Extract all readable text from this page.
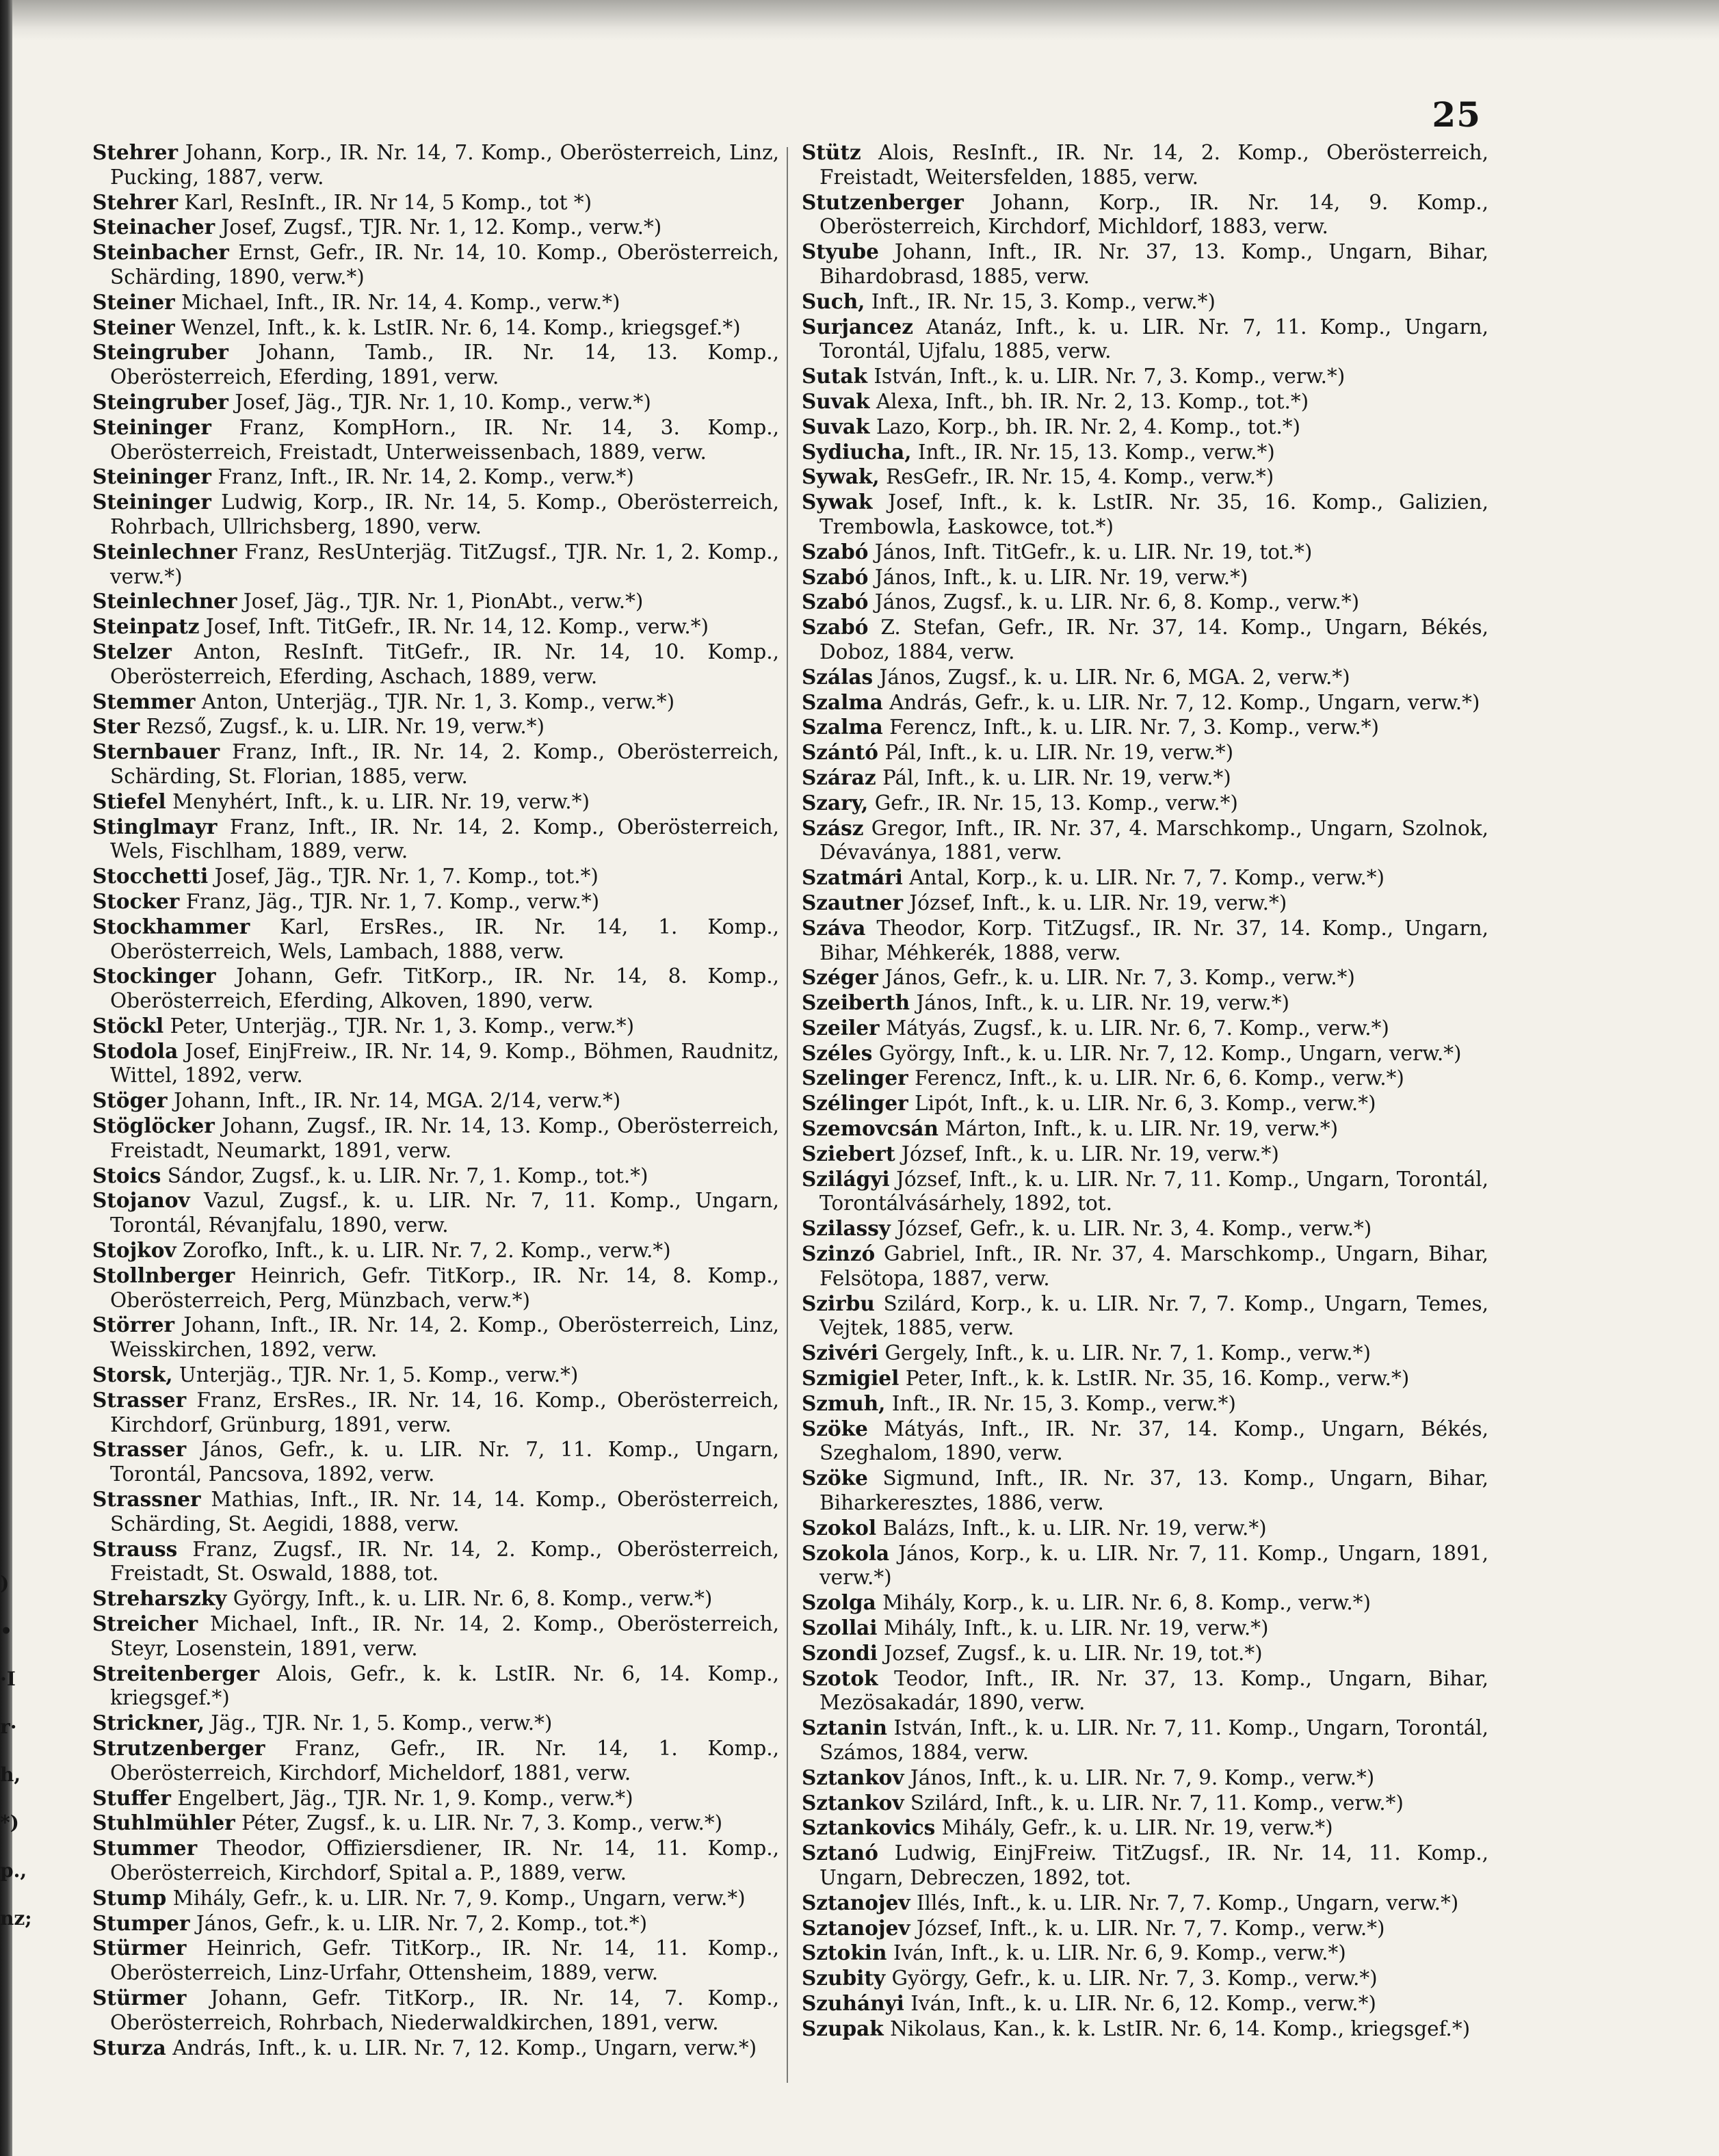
)
•
·I
r·
h,
*)
p.,
nz;
25
Stehrer Johann, Korp., IR. Nr. 14, 7. Komp., Oberösterreich, Linz, Pucking, 1887, verw.
Stehrer Karl, ResInft., IR. Nr 14, 5 Komp., tot *)
Steinacher Josef, Zugsf., TJR. Nr. 1, 12. Komp., verw.*)
Steinbacher Ernst, Gefr., IR. Nr. 14, 10. Komp., Oberösterreich, Schärding, 1890, verw.*)
Steiner Michael, Inft., IR. Nr. 14, 4. Komp., verw.*)
Steiner Wenzel, Inft., k. k. LstIR. Nr. 6, 14. Komp., kriegsgef.*)
Steingruber Johann, Tamb., IR. Nr. 14, 13. Komp., Oberösterreich, Eferding, 1891, verw.
Steingruber Josef, Jäg., TJR. Nr. 1, 10. Komp., verw.*)
Steininger Franz, KompHorn., IR. Nr. 14, 3. Komp., Oberösterreich, Freistadt, Unterweissenbach, 1889, verw.
Steininger Franz, Inft., IR. Nr. 14, 2. Komp., verw.*)
Steininger Ludwig, Korp., IR. Nr. 14, 5. Komp., Oberösterreich, Rohrbach, Ullrichsberg, 1890, verw.
Steinlechner Franz, ResUnterjäg. TitZugsf., TJR. Nr. 1, 2. Komp., verw.*)
Steinlechner Josef, Jäg., TJR. Nr. 1, PionAbt., verw.*)
Steinpatz Josef, Inft. TitGefr., IR. Nr. 14, 12. Komp., verw.*)
Stelzer Anton, ResInft. TitGefr., IR. Nr. 14, 10. Komp., Oberösterreich, Eferding, Aschach, 1889, verw.
Stemmer Anton, Unterjäg., TJR. Nr. 1, 3. Komp., verw.*)
Ster Rezső, Zugsf., k. u. LIR. Nr. 19, verw.*)
Sternbauer Franz, Inft., IR. Nr. 14, 2. Komp., Oberösterreich, Schärding, St. Florian, 1885, verw.
Stiefel Menyhért, Inft., k. u. LIR. Nr. 19, verw.*)
Stinglmayr Franz, Inft., IR. Nr. 14, 2. Komp., Oberösterreich, Wels, Fischlham, 1889, verw.
Stocchetti Josef, Jäg., TJR. Nr. 1, 7. Komp., tot.*)
Stocker Franz, Jäg., TJR. Nr. 1, 7. Komp., verw.*)
Stockhammer Karl, ErsRes., IR. Nr. 14, 1. Komp., Oberösterreich, Wels, Lambach, 1888, verw.
Stockinger Johann, Gefr. TitKorp., IR. Nr. 14, 8. Komp., Oberösterreich, Eferding, Alkoven, 1890, verw.
Stöckl Peter, Unterjäg., TJR. Nr. 1, 3. Komp., verw.*)
Stodola Josef, EinjFreiw., IR. Nr. 14, 9. Komp., Böhmen, Raudnitz, Wittel, 1892, verw.
Stöger Johann, Inft., IR. Nr. 14, MGA. 2/14, verw.*)
Stöglöcker Johann, Zugsf., IR. Nr. 14, 13. Komp., Oberösterreich, Freistadt, Neumarkt, 1891, verw.
Stoics Sándor, Zugsf., k. u. LIR. Nr. 7, 1. Komp., tot.*)
Stojanov Vazul, Zugsf., k. u. LIR. Nr. 7, 11. Komp., Ungarn, Torontál, Révanjfalu, 1890, verw.
Stojkov Zorofko, Inft., k. u. LIR. Nr. 7, 2. Komp., verw.*)
Stollnberger Heinrich, Gefr. TitKorp., IR. Nr. 14, 8. Komp., Oberösterreich, Perg, Münzbach, verw.*)
Störrer Johann, Inft., IR. Nr. 14, 2. Komp., Oberösterreich, Linz, Weisskirchen, 1892, verw.
Storsk, Unterjäg., TJR. Nr. 1, 5. Komp., verw.*)
Strasser Franz, ErsRes., IR. Nr. 14, 16. Komp., Oberösterreich, Kirchdorf, Grünburg, 1891, verw.
Strasser János, Gefr., k. u. LIR. Nr. 7, 11. Komp., Ungarn, Torontál, Pancsova, 1892, verw.
Strassner Mathias, Inft., IR. Nr. 14, 14. Komp., Oberösterreich, Schärding, St. Aegidi, 1888, verw.
Strauss Franz, Zugsf., IR. Nr. 14, 2. Komp., Oberösterreich, Freistadt, St. Oswald, 1888, tot.
Streharszky György, Inft., k. u. LIR. Nr. 6, 8. Komp., verw.*)
Streicher Michael, Inft., IR. Nr. 14, 2. Komp., Oberösterreich, Steyr, Losenstein, 1891, verw.
Streitenberger Alois, Gefr., k. k. LstIR. Nr. 6, 14. Komp., kriegsgef.*)
Strickner, Jäg., TJR. Nr. 1, 5. Komp., verw.*)
Strutzenberger Franz, Gefr., IR. Nr. 14, 1. Komp., Oberösterreich, Kirchdorf, Micheldorf, 1881, verw.
Stuffer Engelbert, Jäg., TJR. Nr. 1, 9. Komp., verw.*)
Stuhlmühler Péter, Zugsf., k. u. LIR. Nr. 7, 3. Komp., verw.*)
Stummer Theodor, Offiziersdiener, IR. Nr. 14, 11. Komp., Oberösterreich, Kirchdorf, Spital a. P., 1889, verw.
Stump Mihály, Gefr., k. u. LIR. Nr. 7, 9. Komp., Ungarn, verw.*)
Stumper János, Gefr., k. u. LIR. Nr. 7, 2. Komp., tot.*)
Stürmer Heinrich, Gefr. TitKorp., IR. Nr. 14, 11. Komp., Oberösterreich, Linz-Urfahr, Ottensheim, 1889, verw.
Stürmer Johann, Gefr. TitKorp., IR. Nr. 14, 7. Komp., Oberösterreich, Rohrbach, Niederwaldkirchen, 1891, verw.
Sturza András, Inft., k. u. LIR. Nr. 7, 12. Komp., Ungarn, verw.*)
Stütz Alois, ResInft., IR. Nr. 14, 2. Komp., Oberösterreich, Freistadt, Weitersfelden, 1885, verw.
Stutzenberger Johann, Korp., IR. Nr. 14, 9. Komp., Oberösterreich, Kirchdorf, Michldorf, 1883, verw.
Styube Johann, Inft., IR. Nr. 37, 13. Komp., Ungarn, Bihar, Bihardobrasd, 1885, verw.
Such, Inft., IR. Nr. 15, 3. Komp., verw.*)
Surjancez Atanáz, Inft., k. u. LIR. Nr. 7, 11. Komp., Ungarn, Torontál, Ujfalu, 1885, verw.
Sutak István, Inft., k. u. LIR. Nr. 7, 3. Komp., verw.*)
Suvak Alexa, Inft., bh. IR. Nr. 2, 13. Komp., tot.*)
Suvak Lazo, Korp., bh. IR. Nr. 2, 4. Komp., tot.*)
Sydiucha, Inft., IR. Nr. 15, 13. Komp., verw.*)
Sywak, ResGefr., IR. Nr. 15, 4. Komp., verw.*)
Sywak Josef, Inft., k. k. LstIR. Nr. 35, 16. Komp., Galizien, Trembowla, Łaskowce, tot.*)
Szabó János, Inft. TitGefr., k. u. LIR. Nr. 19, tot.*)
Szabó János, Inft., k. u. LIR. Nr. 19, verw.*)
Szabó János, Zugsf., k. u. LIR. Nr. 6, 8. Komp., verw.*)
Szabó Z. Stefan, Gefr., IR. Nr. 37, 14. Komp., Ungarn, Békés, Doboz, 1884, verw.
Szálas János, Zugsf., k. u. LIR. Nr. 6, MGA. 2, verw.*)
Szalma András, Gefr., k. u. LIR. Nr. 7, 12. Komp., Ungarn, verw.*)
Szalma Ferencz, Inft., k. u. LIR. Nr. 7, 3. Komp., verw.*)
Szántó Pál, Inft., k. u. LIR. Nr. 19, verw.*)
Száraz Pál, Inft., k. u. LIR. Nr. 19, verw.*)
Szary, Gefr., IR. Nr. 15, 13. Komp., verw.*)
Szász Gregor, Inft., IR. Nr. 37, 4. Marschkomp., Ungarn, Szolnok, Dévaványa, 1881, verw.
Szatmári Antal, Korp., k. u. LIR. Nr. 7, 7. Komp., verw.*)
Szautner József, Inft., k. u. LIR. Nr. 19, verw.*)
Száva Theodor, Korp. TitZugsf., IR. Nr. 37, 14. Komp., Ungarn, Bihar, Méhkerék, 1888, verw.
Széger János, Gefr., k. u. LIR. Nr. 7, 3. Komp., verw.*)
Szeiberth János, Inft., k. u. LIR. Nr. 19, verw.*)
Szeiler Mátyás, Zugsf., k. u. LIR. Nr. 6, 7. Komp., verw.*)
Széles György, Inft., k. u. LIR. Nr. 7, 12. Komp., Ungarn, verw.*)
Szelinger Ferencz, Inft., k. u. LIR. Nr. 6, 6. Komp., verw.*)
Szélinger Lipót, Inft., k. u. LIR. Nr. 6, 3. Komp., verw.*)
Szemovcsán Márton, Inft., k. u. LIR. Nr. 19, verw.*)
Sziebert József, Inft., k. u. LIR. Nr. 19, verw.*)
Szilágyi József, Inft., k. u. LIR. Nr. 7, 11. Komp., Ungarn, Torontál, Torontálvásárhely, 1892, tot.
Szilassy József, Gefr., k. u. LIR. Nr. 3, 4. Komp., verw.*)
Szinzó Gabriel, Inft., IR. Nr. 37, 4. Marschkomp., Ungarn, Bihar, Felsötopa, 1887, verw.
Szirbu Szilárd, Korp., k. u. LIR. Nr. 7, 7. Komp., Ungarn, Temes, Vejtek, 1885, verw.
Szivéri Gergely, Inft., k. u. LIR. Nr. 7, 1. Komp., verw.*)
Szmigiel Peter, Inft., k. k. LstIR. Nr. 35, 16. Komp., verw.*)
Szmuh, Inft., IR. Nr. 15, 3. Komp., verw.*)
Szöke Mátyás, Inft., IR. Nr. 37, 14. Komp., Ungarn, Békés, Szeghalom, 1890, verw.
Szöke Sigmund, Inft., IR. Nr. 37, 13. Komp., Ungarn, Bihar, Biharkeresztes, 1886, verw.
Szokol Balázs, Inft., k. u. LIR. Nr. 19, verw.*)
Szokola János, Korp., k. u. LIR. Nr. 7, 11. Komp., Ungarn, 1891, verw.*)
Szolga Mihály, Korp., k. u. LIR. Nr. 6, 8. Komp., verw.*)
Szollai Mihály, Inft., k. u. LIR. Nr. 19, verw.*)
Szondi Jozsef, Zugsf., k. u. LIR. Nr. 19, tot.*)
Szotok Teodor, Inft., IR. Nr. 37, 13. Komp., Ungarn, Bihar, Mezösakadár, 1890, verw.
Sztanin István, Inft., k. u. LIR. Nr. 7, 11. Komp., Ungarn, Torontál, Számos, 1884, verw.
Sztankov János, Inft., k. u. LIR. Nr. 7, 9. Komp., verw.*)
Sztankov Szilárd, Inft., k. u. LIR. Nr. 7, 11. Komp., verw.*)
Sztankovics Mihály, Gefr., k. u. LIR. Nr. 19, verw.*)
Sztanó Ludwig, EinjFreiw. TitZugsf., IR. Nr. 14, 11. Komp., Ungarn, Debreczen, 1892, tot.
Sztanojev Illés, Inft., k. u. LIR. Nr. 7, 7. Komp., Ungarn, verw.*)
Sztanojev József, Inft., k. u. LIR. Nr. 7, 7. Komp., verw.*)
Sztokin Iván, Inft., k. u. LIR. Nr. 6, 9. Komp., verw.*)
Szubity György, Gefr., k. u. LIR. Nr. 7, 3. Komp., verw.*)
Szuhányi Iván, Inft., k. u. LIR. Nr. 6, 12. Komp., verw.*)
Szupak Nikolaus, Kan., k. k. LstIR. Nr. 6, 14. Komp., kriegsgef.*)
